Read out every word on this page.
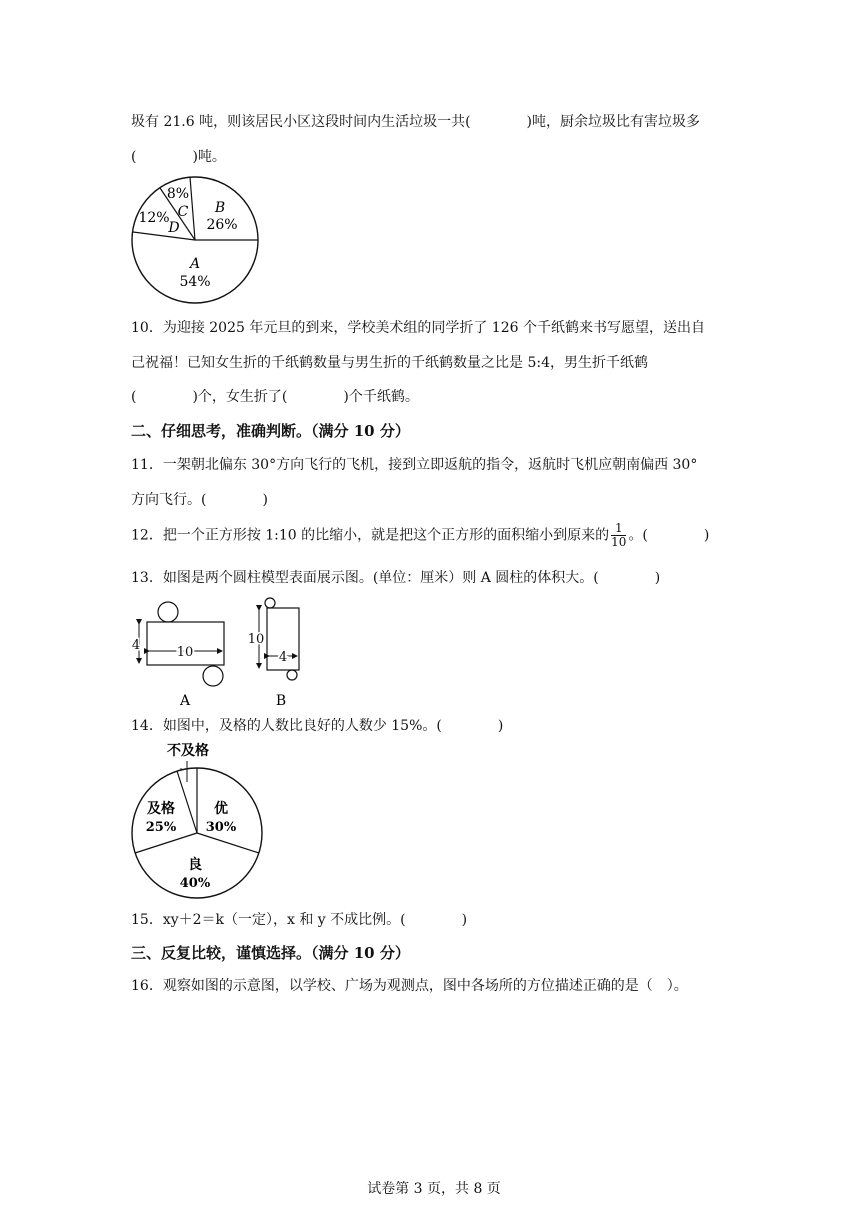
圾有 21.6 吨，则该居民小区这段时间内生活垃圾一共(　　　　)吨，厨余垃圾比有害垃圾多
(　　　　)吨。
B
26%
8%
C
12%
D
A
54%
10．为迎接 2025 年元旦的到来，学校美术组的同学折了 126 个千纸鹤来书写愿望，送出自
己祝福！已知女生折的千纸鹤数量与男生折的千纸鹤数量之比是 5:4，男生折千纸鹤
(　　　　)个，女生折了(　　　　)个千纸鹤。
二、仔细思考，准确判断。（满分 10 分）
11．一架朝北偏东 30°方向飞行的飞机，接到立即返航的指令，返航时飞机应朝南偏西 30°
方向飞行。(　　　　)
12．把一个正方形按 1:10 的比缩小，就是把这个正方形的面积缩小到原来的 $\frac{1}{10}$ 。(　　　　)
13．如图是两个圆柱模型表面展示图。(单位：厘米）则 A 圆柱的体积大。(　　　　)
4	10
A
10
4
B
14．如图中，及格的人数比良好的人数少 15%。(　　　　)
不及格
优
30%
及格
25%
良
40%
15．xy＋2＝k（一定），x 和 y 不成比例。(　　　　)
三、反复比较，谨慎选择。（满分 10 分）
16．观察如图的示意图，以学校、广场为观测点，图中各场所的方位描述正确的是（　）。
试卷第 3 页，共 8 页
